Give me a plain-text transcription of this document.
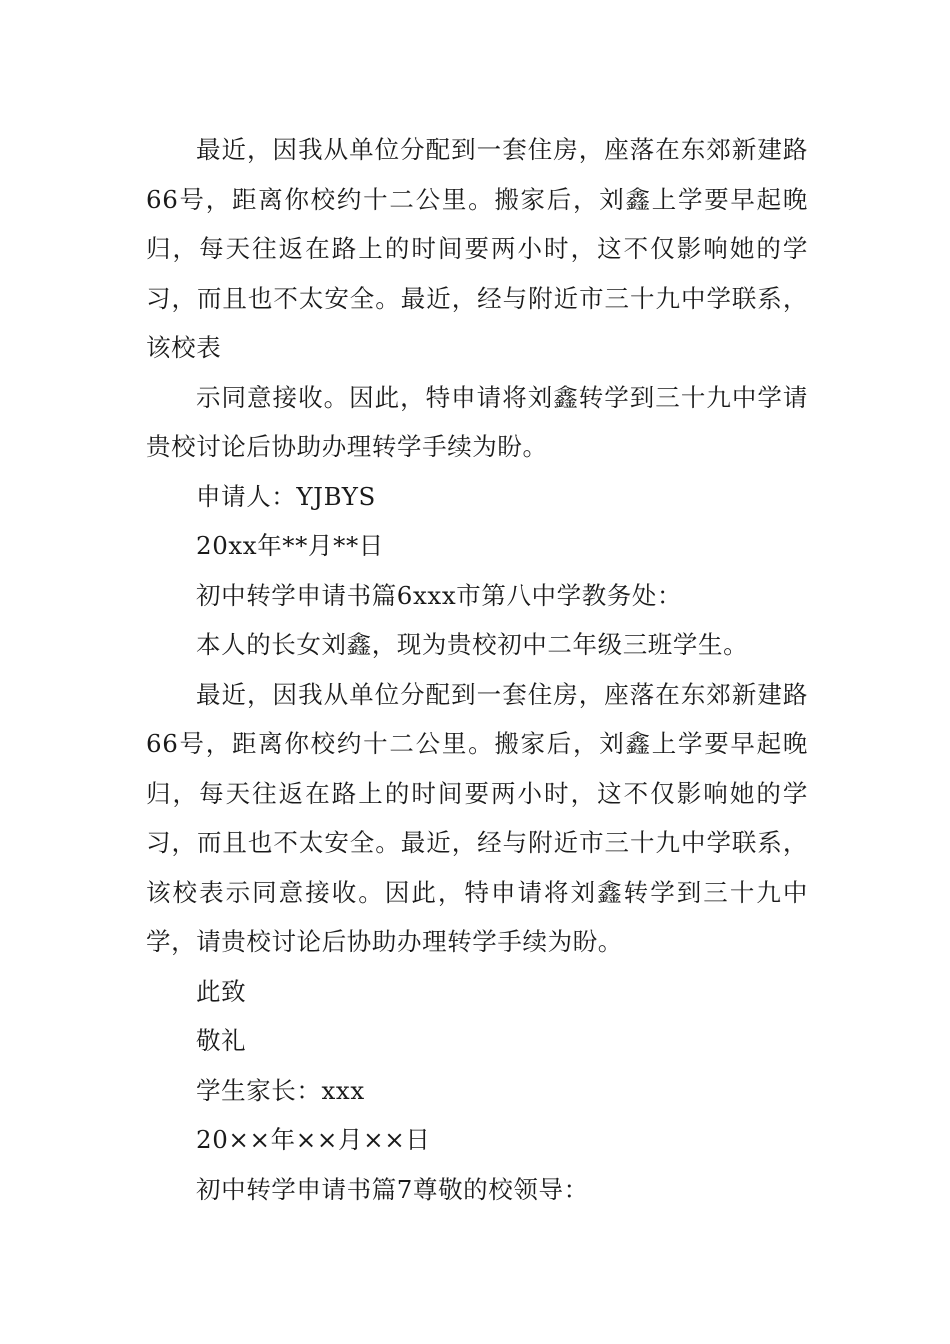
最近，因我从单位分配到一套住房，座落在东郊新建路66号，距离你校约十二公里。搬家后，刘鑫上学要早起晚归，每天往返在路上的时间要两小时，这不仅影响她的学习，而且也不太安全。最近，经与附近市三十九中学联系，该校表

示同意接收。因此，特申请将刘鑫转学到三十九中学请贵校讨论后协助办理转学手续为盼。

申请人：YJBYS

20xx年**月**日

初中转学申请书篇6xxx市第八中学教务处：

本人的长女刘鑫，现为贵校初中二年级三班学生。

最近，因我从单位分配到一套住房，座落在东郊新建路66号，距离你校约十二公里。搬家后，刘鑫上学要早起晚归，每天往返在路上的时间要两小时，这不仅影响她的学习，而且也不太安全。最近，经与附近市三十九中学联系，该校表示同意接收。因此，特申请将刘鑫转学到三十九中学，请贵校讨论后协助办理转学手续为盼。

此致

敬礼

学生家长：xxx

20××年××月××日

初中转学申请书篇7尊敬的校领导：
